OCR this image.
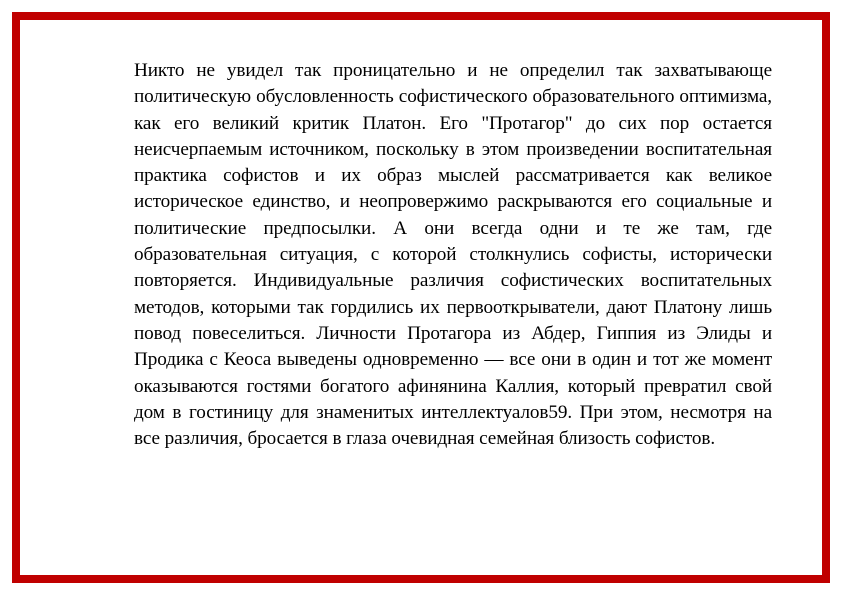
Никто не увидел так проницательно и не определил так захватывающе политическую обусловленность софистического образовательного оптимизма, как его великий критик Платон. Его "Протагор" до сих пор остается неисчерпаемым источником, поскольку в этом произведении воспитательная практика софистов и их образ мыслей рассматривается как великое историческое единство, и неопровержимо раскрываются его социальные и политические предпосылки. А они всегда одни и те же там, где образовательная ситуация, с которой столкнулись софисты, исторически повторяется. Индивидуальные различия софистических воспитательных методов, которыми так гордились их первооткрыватели, дают Платону лишь повод повеселиться. Личности Протагора из Абдер, Гиппия из Элиды и Продика с Кеоса выведены одновременно — все они в один и тот же момент оказываются гостями богатого афинянина Каллия, который превратил свой дом в гостиницу для знаменитых интеллектуалов59. При этом, несмотря на все различия, бросается в глаза очевидная семейная близость софистов.
